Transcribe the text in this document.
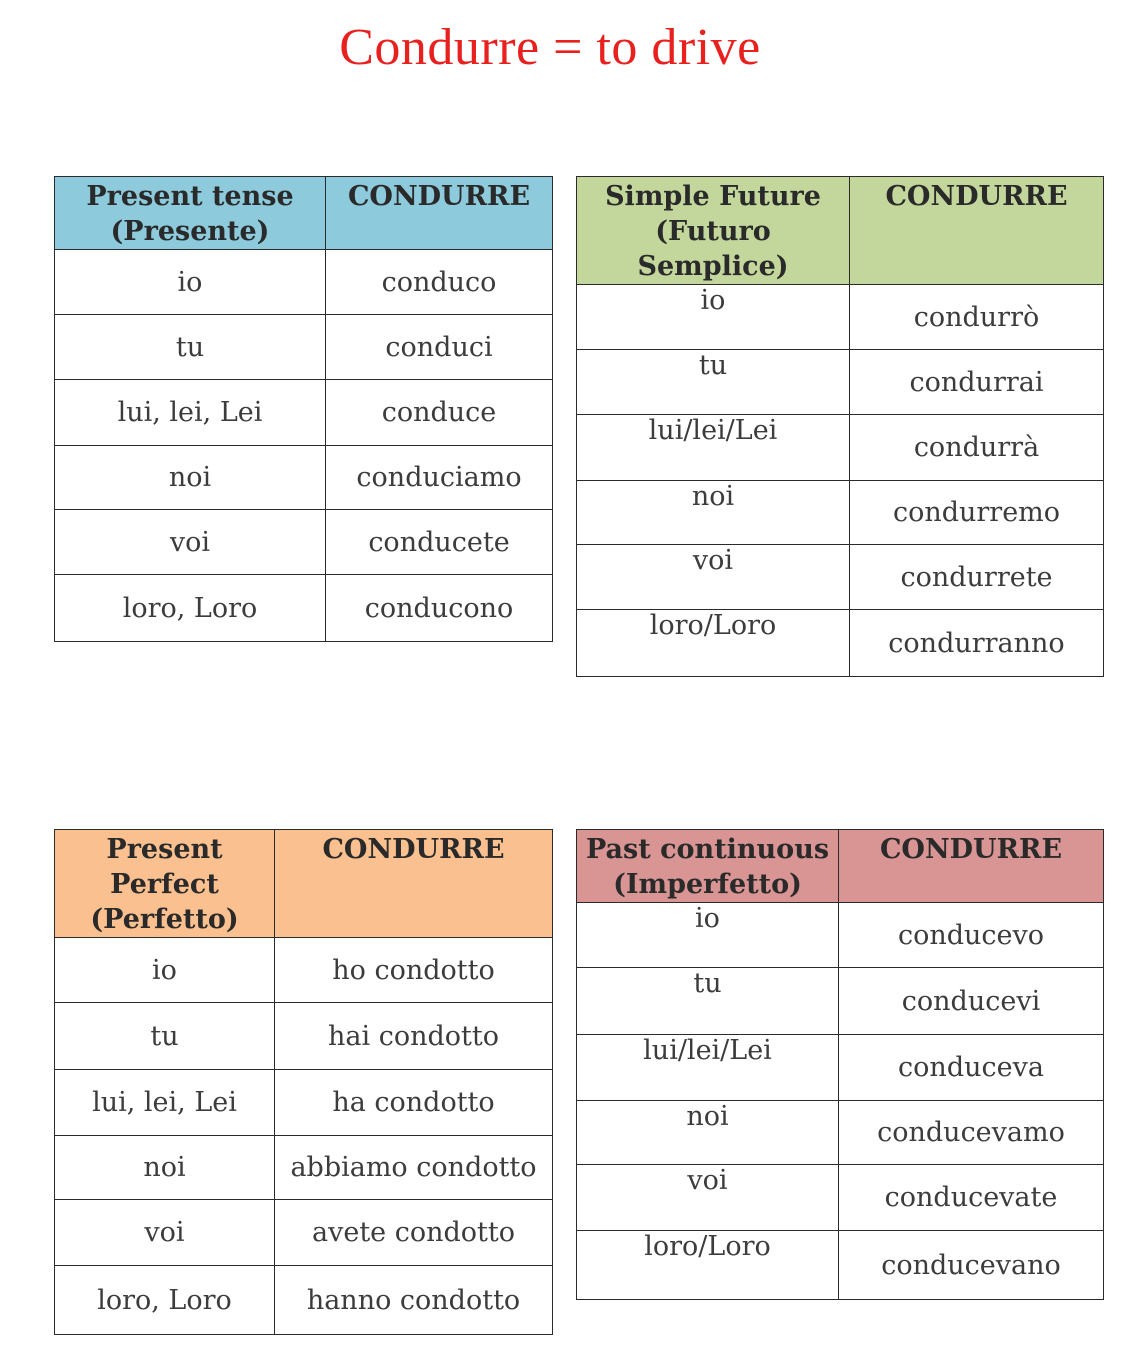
Condurre = to drive
Present tense
(Presente)	CONDURRE
io	conduco
tu	conduci
lui, lei, Lei	conduce
noi	conduciamo
voi	conducete
loro, Loro	conducono
Simple Future
(Futuro Semplice)	CONDURRE
io	condurrò
tu	condurrai
lui/lei/Lei	condurrà
noi	condurremo
voi	condurrete
loro/Loro	condurranno
Present Perfect
(Perfetto)	CONDURRE
io	ho condotto
tu	hai condotto
lui, lei, Lei	ha condotto
noi	abbiamo condotto
voi	avete condotto
loro, Loro	hanno condotto
Past continuous
(Imperfetto)	CONDURRE
io	conducevo
tu	conducevi
lui/lei/Lei	conduceva
noi	conducevamo
voi	conducevate
loro/Loro	conducevano
